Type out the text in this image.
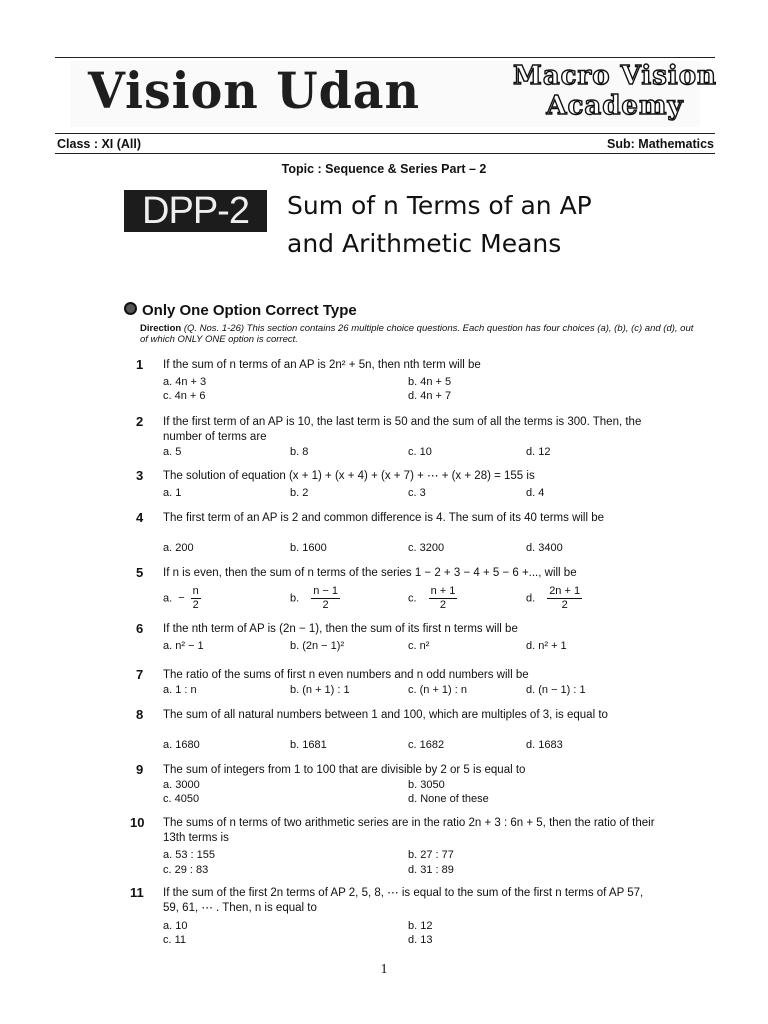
Vision Udan	Macro Vision
Academy
Class : XI (All)	Sub: Mathematics
Topic : Sequence & Series Part – 2
DPP-2	Sum of n Terms of an AP
and Arithmetic Means
Only One Option Correct Type
Direction (Q. Nos. 1-26) This section contains 26 multiple choice questions. Each question has four choices (a), (b), (c) and (d), out of which ONLY ONE option is correct.
1 If the sum of n terms of an AP is 2n² + 5n, then nth term will be
a. 4n + 3	b. 4n + 5
c. 4n + 6	d. 4n + 7
2 If the first term of an AP is 10, the last term is 50 and the sum of all the terms is 300. Then, the number of terms are
a. 5	b. 8	c. 10	d. 12
3 The solution of equation (x + 1) + (x + 4) + (x + 7) + ⋯ + (x + 28) = 155 is
a. 1	b. 2	c. 3	d. 4
4 The first term of an AP is 2 and common difference is 4. The sum of its 40 terms will be
a. 200	b. 1600	c. 3200	d. 3400
5 If n is even, then the sum of n terms of the series 1 − 2 + 3 − 4 + 5 − 6 +..., will be
a. − $\frac{n}{2}$	b. $\frac{n - 1}{2}$	c. $\frac{n + 1}{2}$	d. $\frac{2n + 1}{2}$
6 If the nth term of AP is (2n − 1), then the sum of its first n terms will be
a. n² − 1	b. (2n − 1)²	c. n²	d. n² + 1
7 The ratio of the sums of first n even numbers and n odd numbers will be
a. 1 : n	b. (n + 1) : 1	c. (n + 1) : n	d. (n − 1) : 1
8 The sum of all natural numbers between 1 and 100, which are multiples of 3, is equal to
a. 1680	b. 1681	c. 1682	d. 1683
9 The sum of integers from 1 to 100 that are divisible by 2 or 5 is equal to
a. 3000	b. 3050
c. 4050	d. None of these
10 The sums of n terms of two arithmetic series are in the ratio 2n + 3 : 6n + 5, then the ratio of their 13th terms is
a. 53 : 155	b. 27 : 77
c. 29 : 83	d. 31 : 89
11 If the sum of the first 2n terms of AP 2, 5, 8, ⋯ is equal to the sum of the first n terms of AP 57, 59, 61, ⋯ . Then, n is equal to
a. 10	b. 12
c. 11	d. 13
1
